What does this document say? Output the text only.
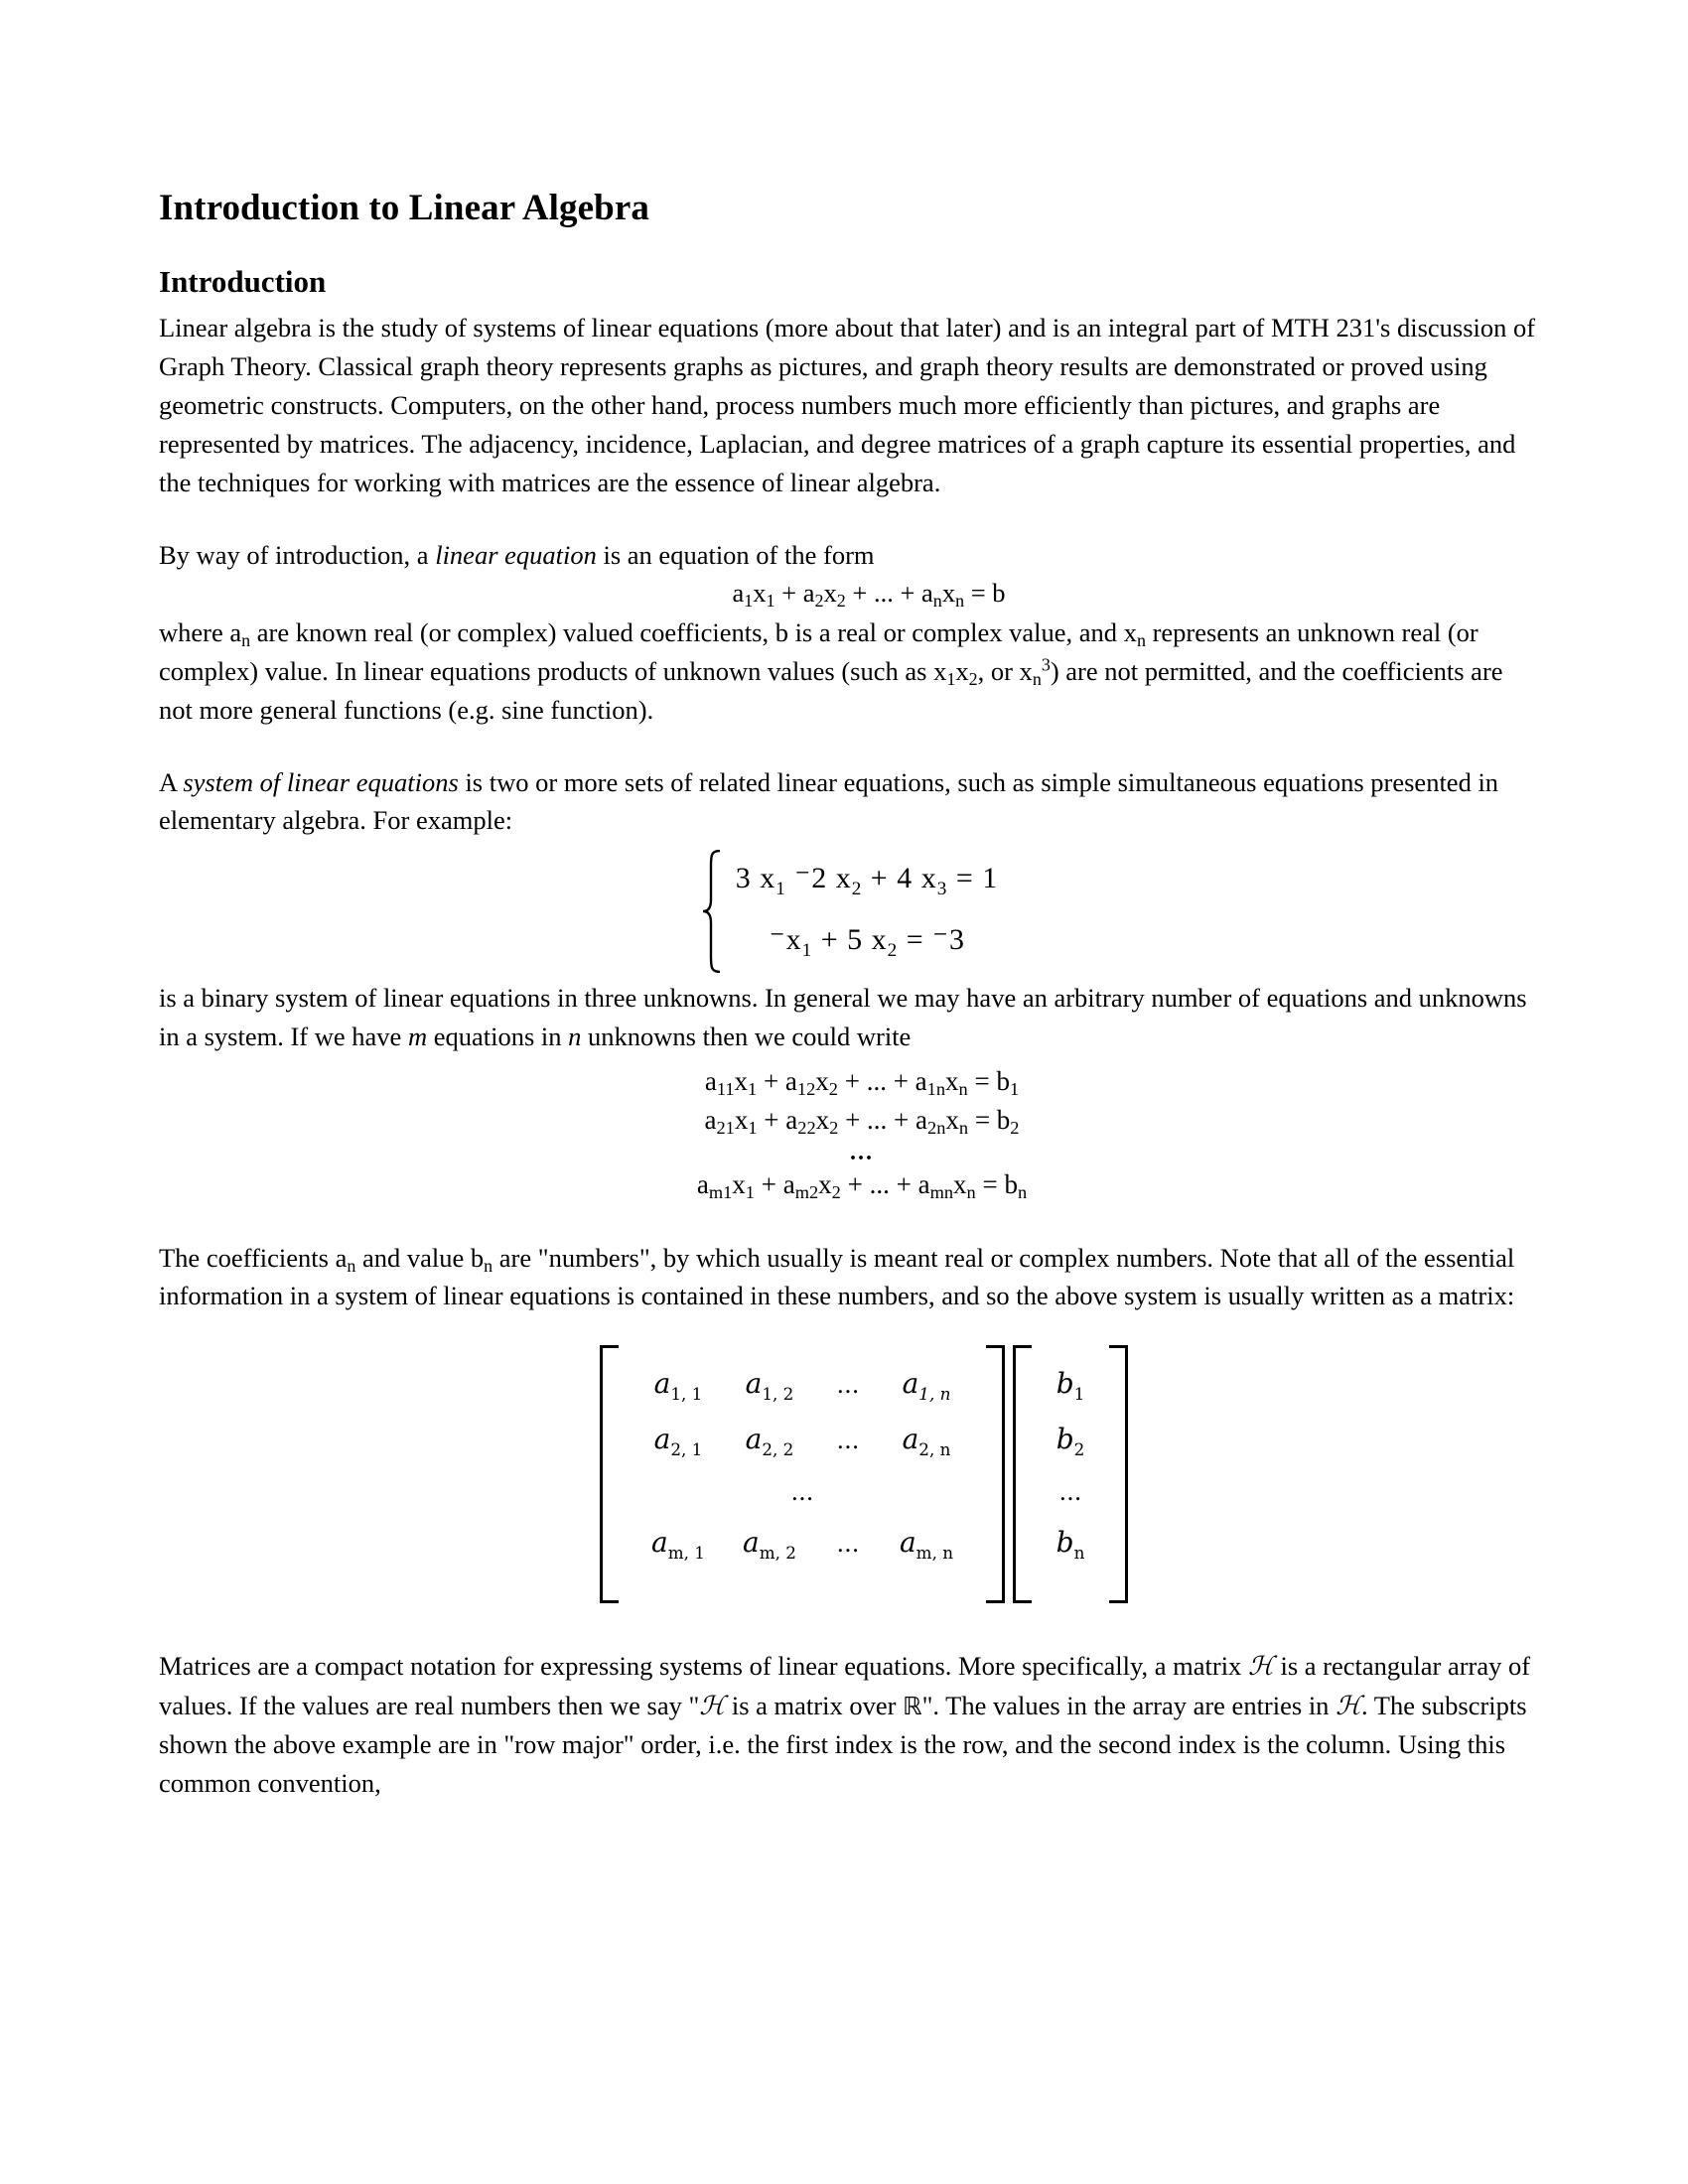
Introduction to Linear Algebra
Introduction

Linear algebra is the study of systems of linear equations (more about that later) and is an integral part of MTH 231's discussion of Graph Theory. Classical graph theory represents graphs as pictures, and graph theory results are demonstrated or proved using geometric constructs. Computers, on the other hand, process numbers much more efficiently than pictures, and graphs are represented by matrices. The adjacency, incidence, Laplacian, and degree matrices of a graph capture its essential properties, and the techniques for working with matrices are the essence of linear algebra.

By way of introduction, a linear equation is an equation of the form

$a_1x_1 + a_2x_2$ + ... + $a_nx_n = b$

where $a_n$ are known real (or complex) valued coefficients, b is a real or complex value, and $x_n$ represents an unknown real (or complex) value. In linear equations products of unknown values (such as $x_1x_2$, or $x_n^3$) are not permitted, and the coefficients are not more general functions (e.g. sine function).

A system of linear equations is two or more sets of related linear equations, such as simple simultaneous equations presented in elementary algebra. For example:

3 $x_1$ ⁻2 $x_2 + 4$ $x_3 = 1$
$^-x_1 + 5$ $x_2 = ^-3$

is a binary system of linear equations in three unknowns. In general we may have an arbitrary number of equations and unknowns in a system. If we have m equations in n unknowns then we could write

$a_{11}x_1 + a_{12}x_2$ + ... + $a_{1n}x_n = b_1$
$a_{21}x_1 + a_{22}x_2$ + ... + $a_{2n}x_n = b_2$
...
$a_{m1}x_1 + a_{m2}x_2$ + ... + $a_{mn}x_n = b_n$

The coefficients $a_n$ and value $b_n$ are "numbers", by which usually is meant real or complex numbers. Note that all of the essential information in a system of linear equations is contained in these numbers, and so the above system is usually written as a matrix:

$a_{1, 1}$	$a_{1, 2}$	...	$a_{1, n}$
$a_{2, 1}$	$a_{2, 2}$	...	$a_{2, n}$
...
$a_{m, 1}$	$a_{m, 2}$	...	$a_{m, n}$
$b_1$
$b_2$
...
$b_n$

Matrices are a compact notation for expressing systems of linear equations. More specifically, a matrix ℋ is a rectangular array of values. If the values are real numbers then we say "ℋ is a matrix over ℝ". The values in the array are entries in ℋ. The subscripts shown the above example are in "row major" order, i.e. the first index is the row, and the second index is the column. Using this common convention,
